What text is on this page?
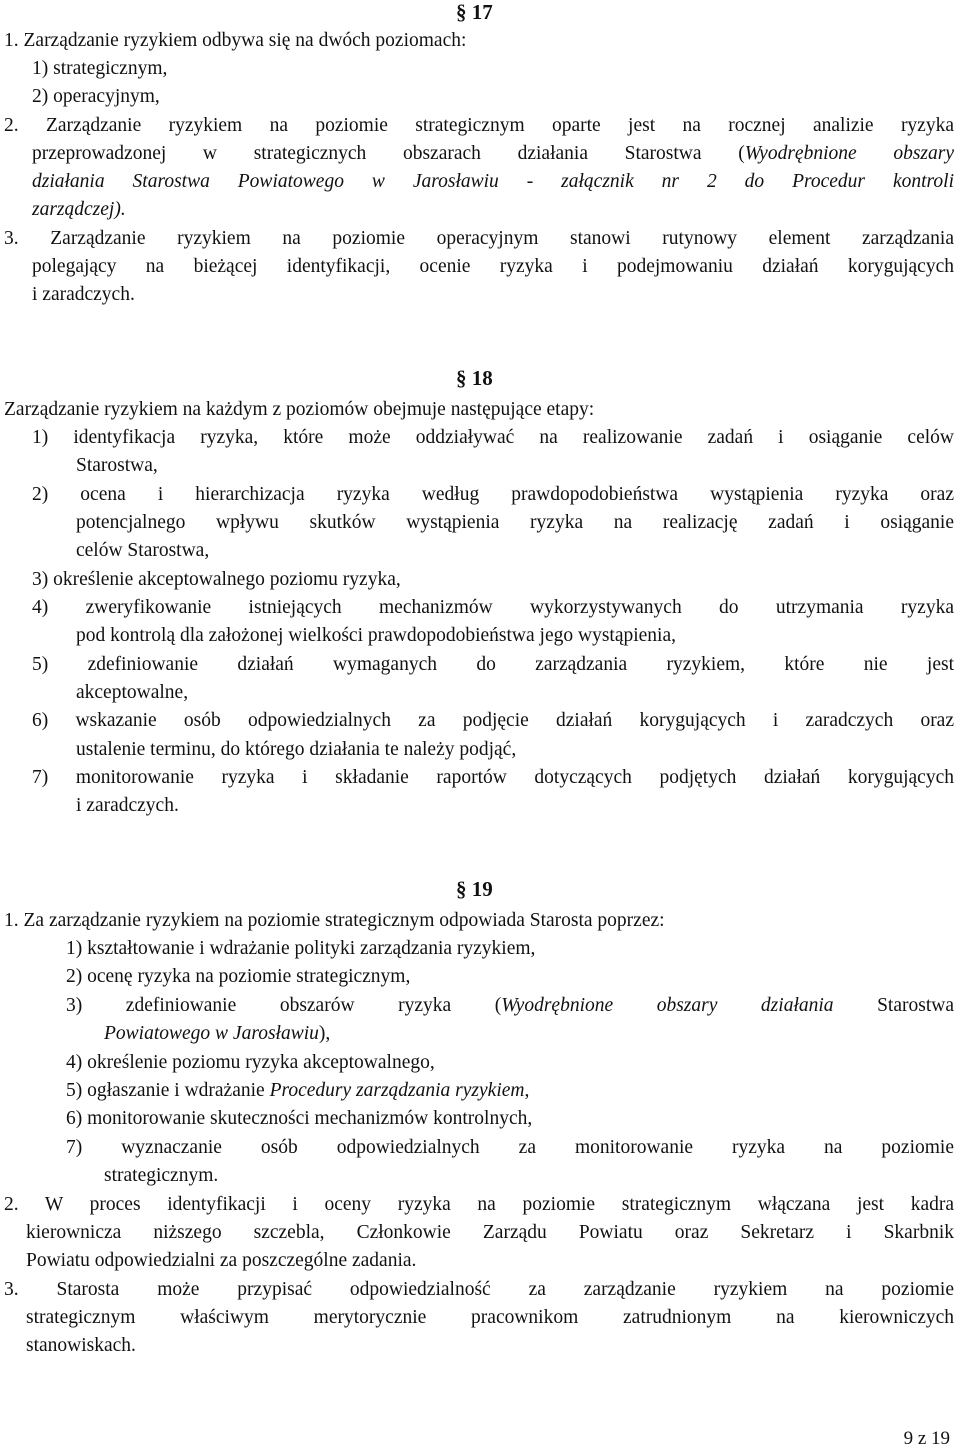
§ 17
1. Zarządzanie ryzykiem odbywa się na dwóch poziomach:
1) strategicznym,
2) operacyjnym,
2. Zarządzanie ryzykiem na poziomie strategicznym oparte jest na rocznej analizie ryzyka
przeprowadzonej w strategicznych obszarach działania Starostwa (Wyodrębnione obszary
działania Starostwa Powiatowego w Jarosławiu - załącznik nr 2 do Procedur kontroli
zarządczej).
3. Zarządzanie ryzykiem na poziomie operacyjnym stanowi rutynowy element zarządzania
polegający na bieżącej identyfikacji, ocenie ryzyka i podejmowaniu działań korygujących
i zaradczych.
§ 18
Zarządzanie ryzykiem na każdym z poziomów obejmuje następujące etapy:
1) identyfikacja ryzyka, które może oddziaływać na realizowanie zadań i osiąganie celów
Starostwa,
2) ocena i hierarchizacja ryzyka według prawdopodobieństwa wystąpienia ryzyka oraz
potencjalnego wpływu skutków wystąpienia ryzyka na realizację zadań i osiąganie
celów Starostwa,
3) określenie akceptowalnego poziomu ryzyka,
4) zweryfikowanie istniejących mechanizmów wykorzystywanych do utrzymania ryzyka
pod kontrolą dla założonej wielkości prawdopodobieństwa jego wystąpienia,
5) zdefiniowanie działań wymaganych do zarządzania ryzykiem, które nie jest
akceptowalne,
6) wskazanie osób odpowiedzialnych za podjęcie działań korygujących i zaradczych oraz
ustalenie terminu, do którego działania te należy podjąć,
7) monitorowanie ryzyka i składanie raportów dotyczących podjętych działań korygujących
i zaradczych.
§ 19
1. Za zarządzanie ryzykiem na poziomie strategicznym odpowiada Starosta poprzez:
1) kształtowanie i wdrażanie polityki zarządzania ryzykiem,
2) ocenę ryzyka na poziomie strategicznym,
3) zdefiniowanie obszarów ryzyka (Wyodrębnione obszary działania Starostwa
Powiatowego w Jarosławiu),
4) określenie poziomu ryzyka akceptowalnego,
5) ogłaszanie i wdrażanie Procedury zarządzania ryzykiem,
6) monitorowanie skuteczności mechanizmów kontrolnych,
7) wyznaczanie osób odpowiedzialnych za monitorowanie ryzyka na poziomie
strategicznym.
2. W proces identyfikacji i oceny ryzyka na poziomie strategicznym włączana jest kadra
kierownicza niższego szczebla, Członkowie Zarządu Powiatu oraz Sekretarz i Skarbnik
Powiatu odpowiedzialni za poszczególne zadania.
3. Starosta może przypisać odpowiedzialność za zarządzanie ryzykiem na poziomie
strategicznym właściwym merytorycznie pracownikom zatrudnionym na kierowniczych
stanowiskach.
9 z 19
